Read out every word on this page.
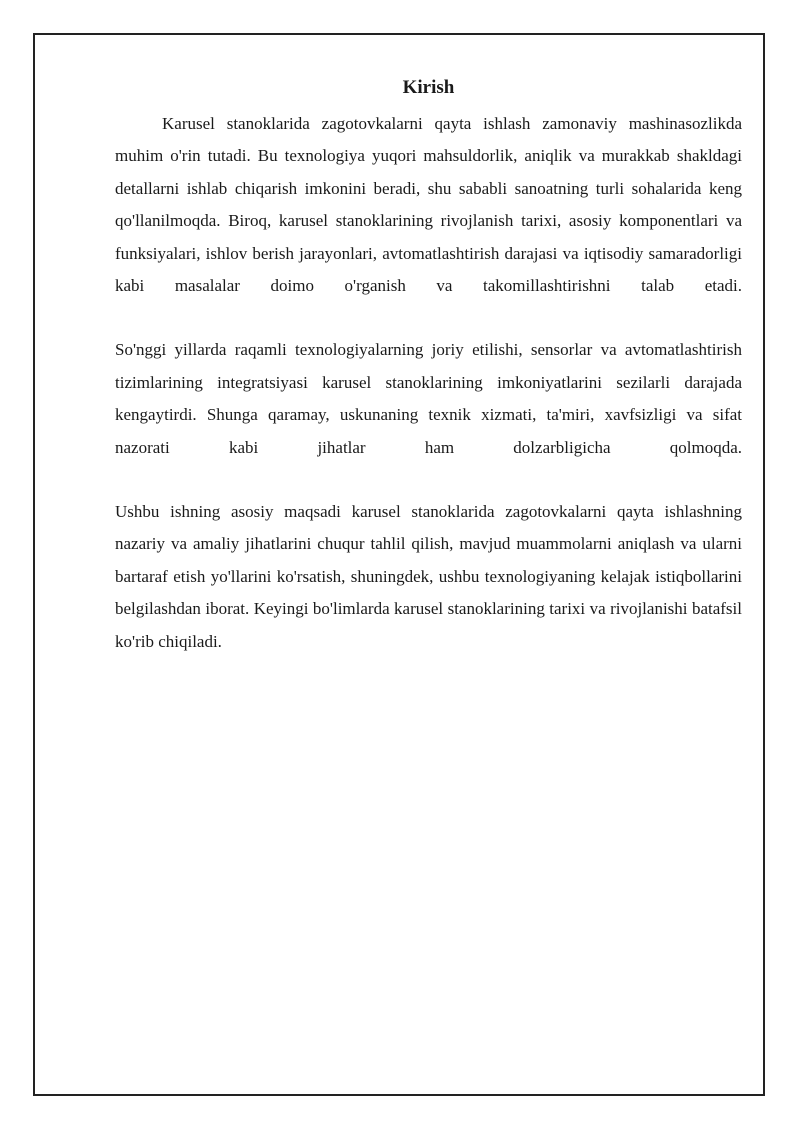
Kirish

Karusel stanoklarida zagotovkalarni qayta ishlash zamonaviy mashinasozlikda muhim o'rin tutadi. Bu texnologiya yuqori mahsuldorlik, aniqlik va murakkab shakldagi detallarni ishlab chiqarish imkonini beradi, shu sababli sanoatning turli sohalarida keng qo'llanilmoqda. Biroq, karusel stanoklarining rivojlanish tarixi, asosiy komponentlari va funksiyalari, ishlov berish jarayonlari, avtomatlashtirish darajasi va iqtisodiy samaradorligi kabi masalalar doimo o'rganish va takomillashtirishni talab etadi.

So'nggi yillarda raqamli texnologiyalarning joriy etilishi, sensorlar va avtomatlashtirish tizimlarining integratsiyasi karusel stanoklarining imkoniyatlarini sezilarli darajada kengaytirdi. Shunga qaramay, uskunaning texnik xizmati, ta'miri, xavfsizligi va sifat nazorati kabi jihatlar ham dolzarbligicha qolmoqda.

Ushbu ishning asosiy maqsadi karusel stanoklarida zagotovkalarni qayta ishlashning nazariy va amaliy jihatlarini chuqur tahlil qilish, mavjud muammolarni aniqlash va ularni bartaraf etish yo'llarini ko'rsatish, shuningdek, ushbu texnologiyaning kelajak istiqbollarini belgilashdan iborat. Keyingi bo'limlarda karusel stanoklarining tarixi va rivojlanishi batafsil ko'rib chiqiladi.
